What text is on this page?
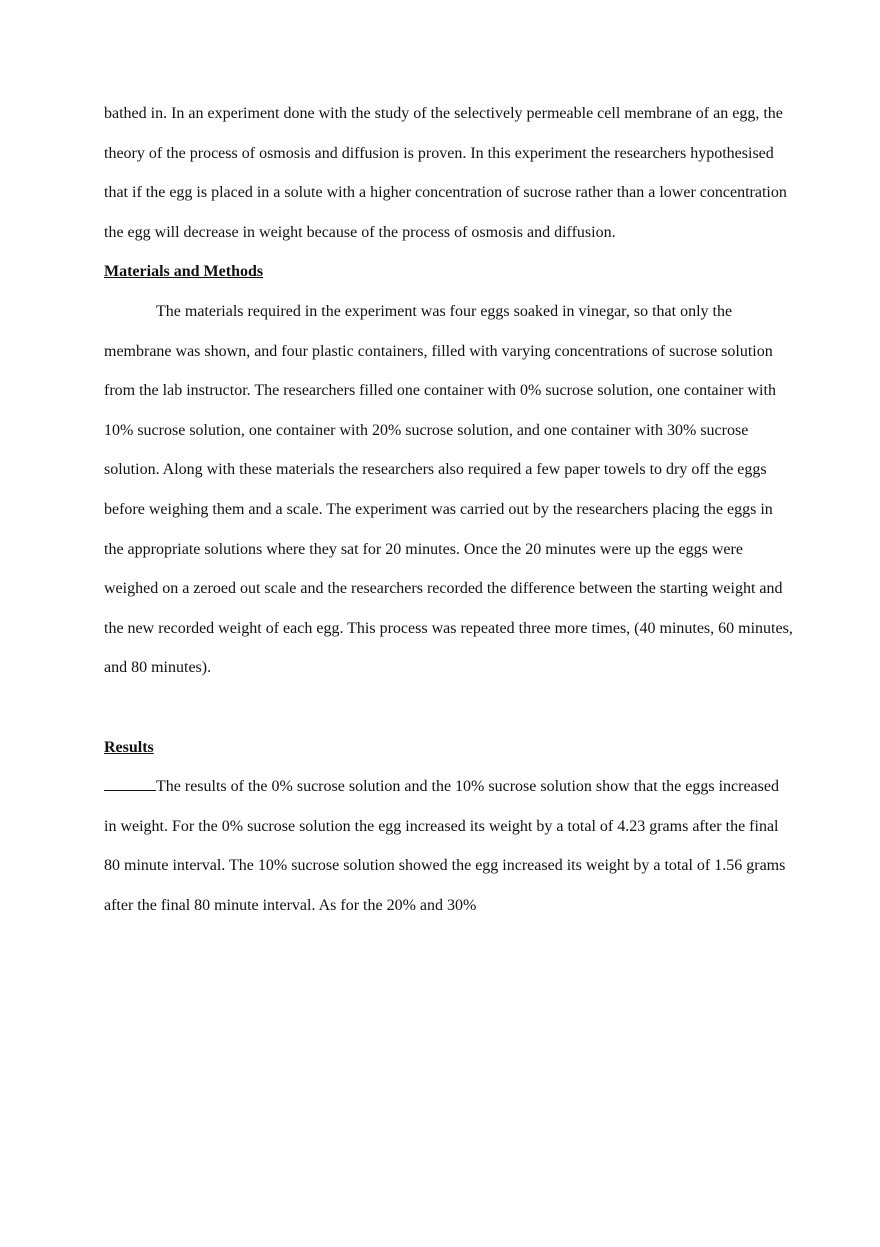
bathed in. In an experiment done with the study of the selectively permeable cell membrane of an egg, the theory of the process of osmosis and diffusion is proven. In this experiment the researchers hypothesised that if the egg is placed in a solute with a higher concentration of sucrose rather than a lower concentration the egg will decrease in weight because of the process of osmosis and diffusion.

Materials and Methods

The materials required in the experiment was four eggs soaked in vinegar, so that only the membrane was shown, and four plastic containers, filled with varying concentrations of sucrose solution from the lab instructor. The researchers filled one container with 0% sucrose solution, one container with 10% sucrose solution, one container with 20% sucrose solution, and one container with 30% sucrose solution. Along with these materials the researchers also required a few paper towels to dry off the eggs before weighing them and a scale. The experiment was carried out by the researchers placing the eggs in the appropriate solutions where they sat for 20 minutes. Once the 20 minutes were up the eggs were weighed on a zeroed out scale and the researchers recorded the difference between the starting weight and the new recorded weight of each egg. This process was repeated three more times, (40 minutes, 60 minutes, and 80 minutes).

Results

The results of the 0% sucrose solution and the 10% sucrose solution show that the eggs increased in weight. For the 0% sucrose solution the egg increased its weight by a total of 4.23 grams after the final 80 minute interval. The 10% sucrose solution showed the egg increased its weight by a total of 1.56 grams after the final 80 minute interval. As for the 20% and 30%
